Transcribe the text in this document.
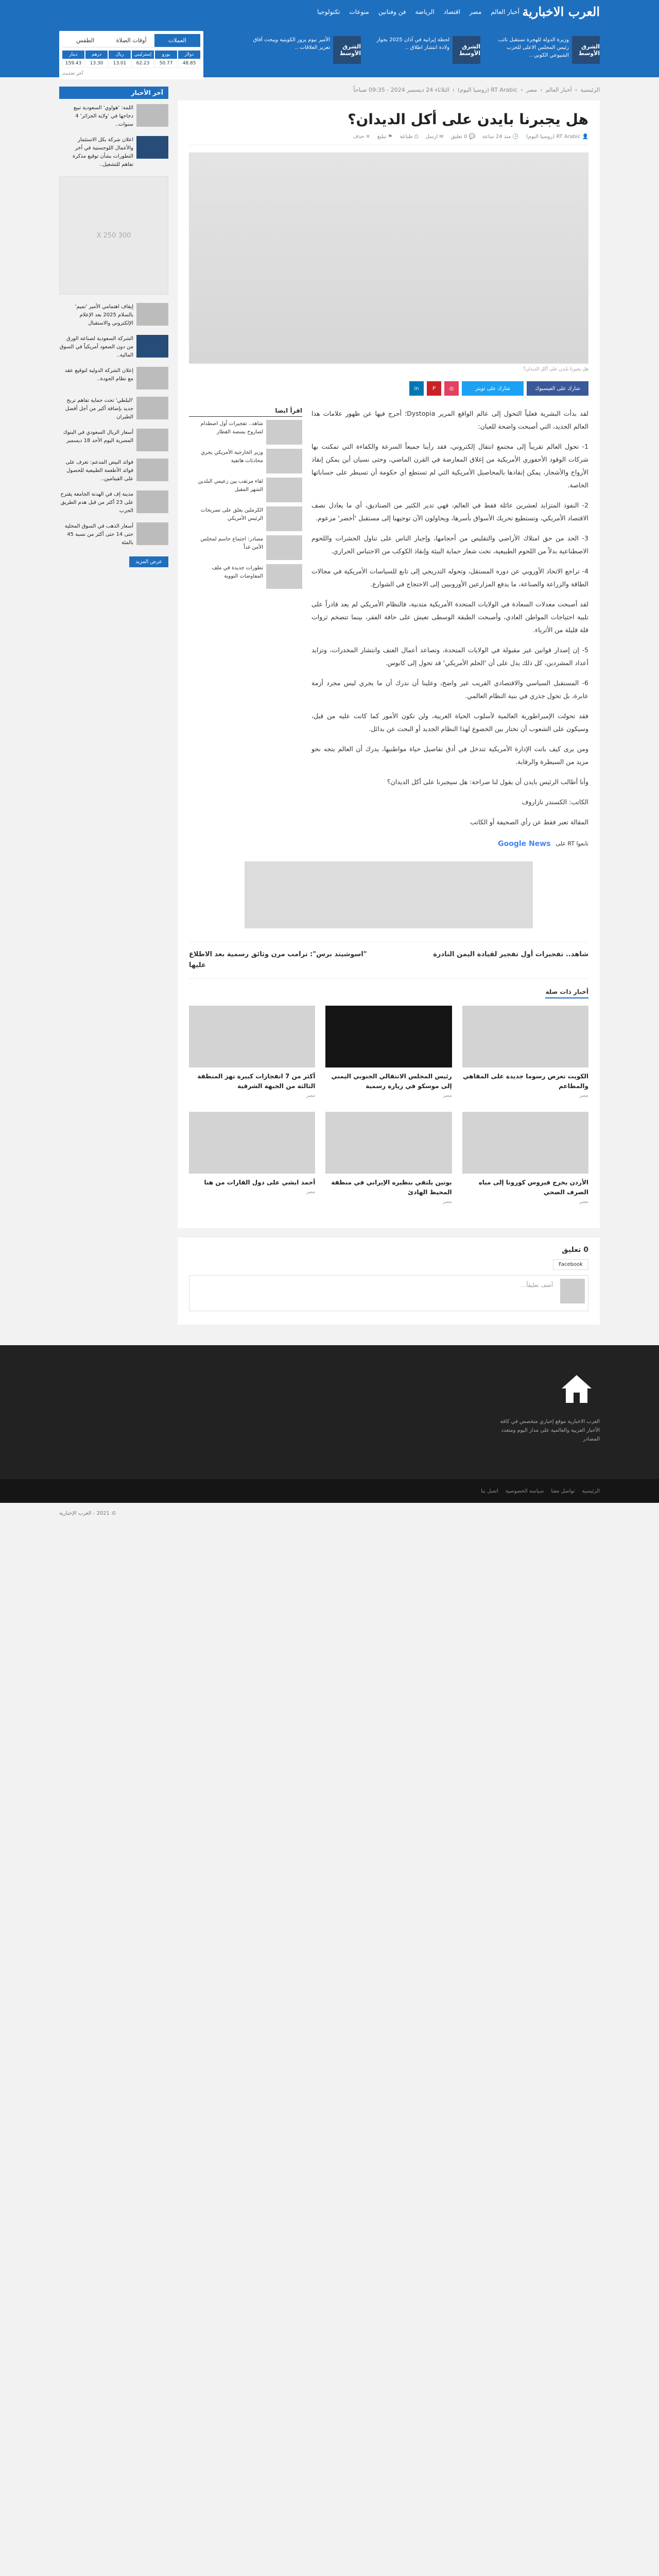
العرب الاخبارية
أخبار العالم
مصر
اقتصاد
الرياضة
فن وفنانين
منوعات
تكنولوجيا
الشرق الأوسط
وزيرة الدولة للهجرة تستقبل نائب رئيس المجلس الاعلى للحزب الشيوعي الكوبي ..
الشرق الأوسط
لحظة إيرانية في آذان 2025 بجوار ولادة انتشار اطلاق ..
الشرق الأوسط
الأمير نيوم يزور الكويتية ويبحث آفاق تعزيز العلاقات ..
العملات
أوقات الصلاة
الطقس
دولار
48.85
يورو
50.77
إسترليني
62.23
ريال
13.01
درهم
13.30
دينار
159.43
آخر تحديث
الرئيسية
›
أخبار العالم
›
مصر
›
RT Arabic (روسيا اليوم)
›
الثلاثاء 24 ديسمبر 2024 - 09:35 صباحاً
هل يجبرنا بايدن على أكل الديدان؟
👤
RT Arabic (روسيا اليوم)
🕒
منذ 24 ساعة
💬
0 تعليق
✉
ارسل
⎙
طباعة
⚑
تبليغ
✕
حذف
هل يجبرنا بايدن على أكل الديدان؟
شارك على الفيسبوك
شارك على تويتر
◎
P
in

لقد بدأت البشرية فعلياً التحول إلى عالم الواقع المرير Dystopia؛ أحرج فيها عن ظهور علامات هذا العالم الجديد، التي أصبحت واضحة للعيان:

1- تحول العالم تقريباً إلى مجتمع انتقال إلكتروني، فقد رأينا جميعاً السرعة والكفاءة التي تمكنت بها شركات الوقود الأحفوري الأمريكية من إغلاق المعارضة في القرن الماضي، وحتى نسيان أين يمكن إنقاذ الأرواح والأشجار، يمكن إنقاذها بالمحاصيل الأمريكية التي لم تستطع أي حكومة أن تسيطر على حساباتها الخاصة.

2- النفوذ المتزايد لعشرين عائلة فقط في العالم، فهي تدير الكثير من الصناديق، أي ما يعادل نصف الاقتصاد الأمريكي، وتستطيع تحريك الأسواق بأسرها، ويحاولون الآن توجيهنا إلى مستقبل 'أخضر' مزعوم.

3- الحد من حق امتلاك الأراضي والتقليص من أحجامها، وإجبار الناس على تناول الحشرات واللحوم الاصطناعية بدلاً من اللحوم الطبيعية، تحت شعار حماية البيئة وإنقاذ الكوكب من الاحتباس الحراري.

4- تراجع الاتحاد الأوروبي عن دوره المستقل، وتحوله التدريجي إلى تابع للسياسات الأمريكية في مجالات الطاقة والزراعة والصناعة، ما يدفع المزارعين الأوروبيين إلى الاحتجاج في الشوارع.

لقد أصبحت معدلات السعادة في الولايات المتحدة الأمريكية متدنية، فالنظام الأمريكي لم يعد قادراً على تلبية احتياجات المواطن العادي، وأصبحت الطبقة الوسطى تعيش على حافة الفقر، بينما تتضخم ثروات قلة قليلة من الأثرياء.

5- إن إصدار قوانين غير مقبولة في الولايات المتحدة، وتصاعد أعمال العنف وانتشار المخدرات، وتزايد أعداد المشردين، كل ذلك يدل على أن 'الحلم الأمريكي' قد تحول إلى كابوس.

6- المستقبل السياسي والاقتصادي القريب غير واضح، وعلينا أن ندرك أن ما يجري ليس مجرد أزمة عابرة، بل تحول جذري في بنية النظام العالمي.

فقد تحولت الإمبراطورية العالمية لأسلوب الحياة الغربية، ولن تكون الأمور كما كانت عليه من قبل، وسيكون على الشعوب أن تختار بين الخضوع لهذا النظام الجديد أو البحث عن بدائل.

ومن يرى كيف باتت الإدارة الأمريكية تتدخل في أدق تفاصيل حياة مواطنيها، يدرك أن العالم يتجه نحو مزيد من السيطرة والرقابة.

وأنا أطالب الرئيس بايدن أن يقول لنا صراحة: هل سيجبرنا على أكل الديدان؟

الكاتب: الكسندر نازاروف

المقالة تعبر فقط عن رأي الصحيفة أو الكاتب

تابعوا RT على
Google News
اقرأ ايضا
شاهد.. تفجيرات أول اصطدام لصاروخ بمنصة القطار
وزير الخارجية الأمريكي يجري محادثات هاتفية
لقاء مرتقب بين زعيمي البلدين الشهر المقبل
الكرملين يعلق على تصريحات الرئيس الأمريكي
مصادر: اجتماع حاسم لمجلس الأمن غداً
تطورات جديدة في ملف المفاوضات النووية
شاهد.. تفجيرات أول تفجير لقيادة اليمن النادرة
"اسوشيتد برس": ترامب مرن وثائق رسمية بعد الاطلاع عليها
أخبار ذات صلة
الكويت تعرض رسوما جديدة على المقاهي والمطاعم
مصر
رئيس المجلس الانتقالي الجنوبي اليمني إلى موسكو في زيارة رسمية
مصر
أكثر من 7 انفجارات كبيرة تهز المنطقة الثالثة من الجبهة الشرقية
مصر
الأردن يخرج فيروس كورونا إلى مياه الصرف الصحي
مصر
بوتين يلتقي بنظيره الإيراني في منطقة المحيط الهادئ
مصر
أحمد ايشي على دول القارات من هنا
مصر
0 تعليق
Facebook
أضف تعليقاً...
آخر الأخبار
اللمة: 'هواوي' السعودية تبيع دجاجها في 'ولاية الجزائر' 4 سنوات..
اعلان شركة بكل الاستثمار والأعمال اللوجستية في آخر التطورات بشأن توقيع مذكرة تفاهم للتشغيل..
300 X 250
إيقاف اهتمامي الأمير 'تميم' بالسلام 2025 بعد الإعلام الإلكتروني والاستقبال
الشركة السعودية لصناعة الورق من دون الصعود أمريكياً في السوق المالية..
إعلان الشركة الدولية لتوقيع عقد مع نظام الجودة..
'البلطي' تحت حماية تفاهم تربح جديد بإضافة أكبر من أجل أفضل الطيران
أسعار الريال السعودي في البنوك المصرية اليوم الأحد 18 ديسمبر
فوائد البيض المدعم: تعرف على فوائد الأطعمة الطبيعية للحصول على الفيتامين..
مدينة إف في الهدنة الجامعة يقترح على 23 أكثر من قبل هدم الطريق الحرب
أسعار الذهب في السوق المحلية حتى 14 حتى أكثر من نسبة 45 بالمئة
عرض المزيد
العرب الاخبارية موقع إخباري متخصص في كافة الأخبار العربية والعالمية على مدار اليوم ومتعدد المصادر
الرئيسية
تواصل معنا
سياسة الخصوصية
اتصل بنا
© 2021 - العرب الإخبارية
